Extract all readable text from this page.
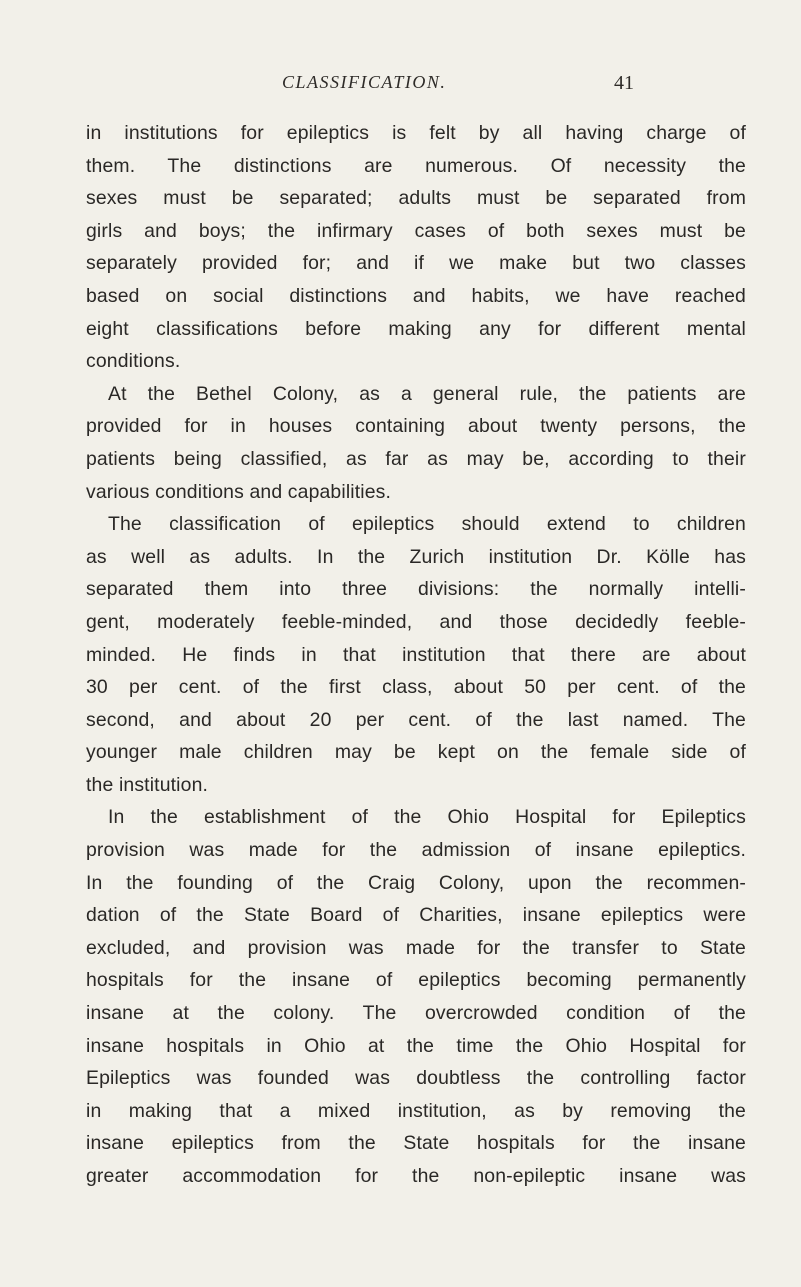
CLASSIFICATION.	41
in institutions for epileptics is felt by all having charge of
them. The distinctions are numerous. Of necessity the
sexes must be separated; adults must be separated from
girls and boys; the infirmary cases of both sexes must be
separately provided for; and if we make but two classes
based on social distinctions and habits, we have reached
eight classifications before making any for different mental
conditions.
At the Bethel Colony, as a general rule, the patients are
provided for in houses containing about twenty persons, the
patients being classified, as far as may be, according to their
various conditions and capabilities.
The classification of epileptics should extend to children
as well as adults. In the Zurich institution Dr. Kölle has
separated them into three divisions: the normally intelli-
gent, moderately feeble-minded, and those decidedly feeble-
minded. He finds in that institution that there are about
30 per cent. of the first class, about 50 per cent. of the
second, and about 20 per cent. of the last named. The
younger male children may be kept on the female side of
the institution.
In the establishment of the Ohio Hospital for Epileptics
provision was made for the admission of insane epileptics.
In the founding of the Craig Colony, upon the recommen-
dation of the State Board of Charities, insane epileptics were
excluded, and provision was made for the transfer to State
hospitals for the insane of epileptics becoming permanently
insane at the colony. The overcrowded condition of the
insane hospitals in Ohio at the time the Ohio Hospital for
Epileptics was founded was doubtless the controlling factor
in making that a mixed institution, as by removing the
insane epileptics from the State hospitals for the insane
greater accommodation for the non-epileptic insane was
